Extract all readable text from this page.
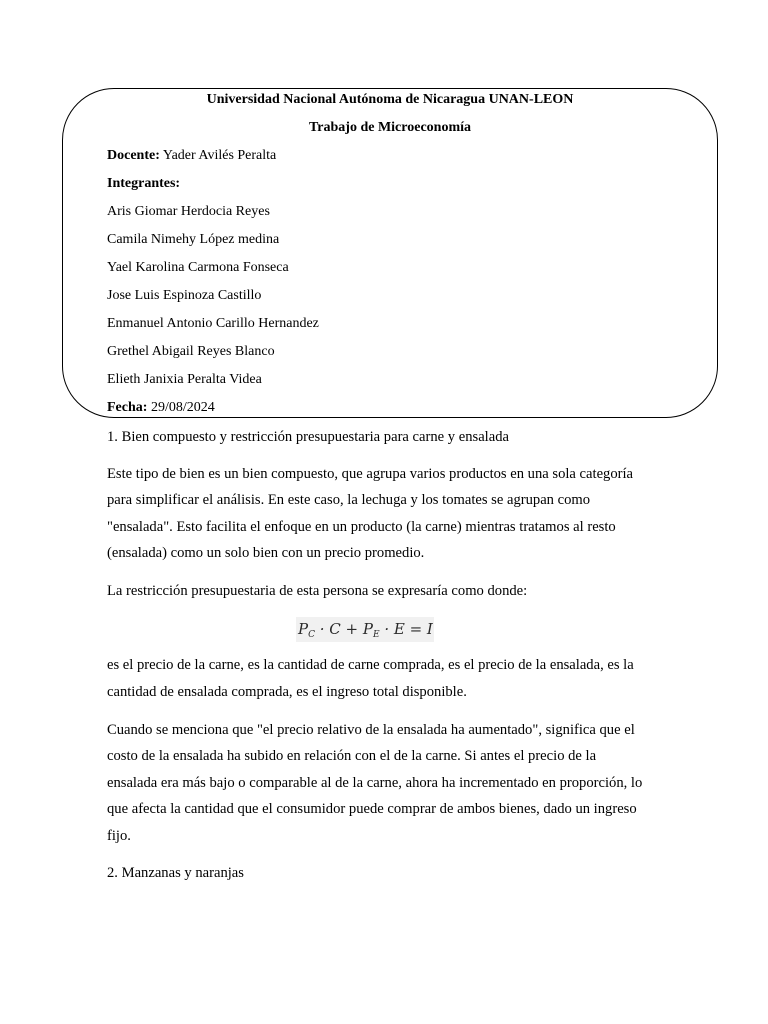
Universidad Nacional Autónoma de Nicaragua UNAN-LEON
Trabajo de Microeconomía
Docente: Yader Avilés Peralta
Integrantes:
Aris Giomar Herdocia Reyes
Camila Nimehy López medina
Yael Karolina Carmona Fonseca
Jose Luis Espinoza Castillo
Enmanuel Antonio Carillo Hernandez
Grethel Abigail Reyes Blanco
Elieth Janixia Peralta Videa
Fecha: 29/08/2024
1. Bien compuesto y restricción presupuestaria para carne y ensalada
Este tipo de bien es un bien compuesto, que agrupa varios productos en una sola categoría
para simplificar el análisis. En este caso, la lechuga y los tomates se agrupan como
"ensalada". Esto facilita el enfoque en un producto (la carne) mientras tratamos al resto
(ensalada) como un solo bien con un precio promedio.
La restricción presupuestaria de esta persona se expresaría como donde:
$P_C \cdot C + P_E \cdot E = I$
es el precio de la carne, es la cantidad de carne comprada, es el precio de la ensalada, es la
cantidad de ensalada comprada, es el ingreso total disponible.
Cuando se menciona que "el precio relativo de la ensalada ha aumentado", significa que el
costo de la ensalada ha subido en relación con el de la carne. Si antes el precio de la
ensalada era más bajo o comparable al de la carne, ahora ha incrementado en proporción, lo
que afecta la cantidad que el consumidor puede comprar de ambos bienes, dado un ingreso
fijo.
2. Manzanas y naranjas
